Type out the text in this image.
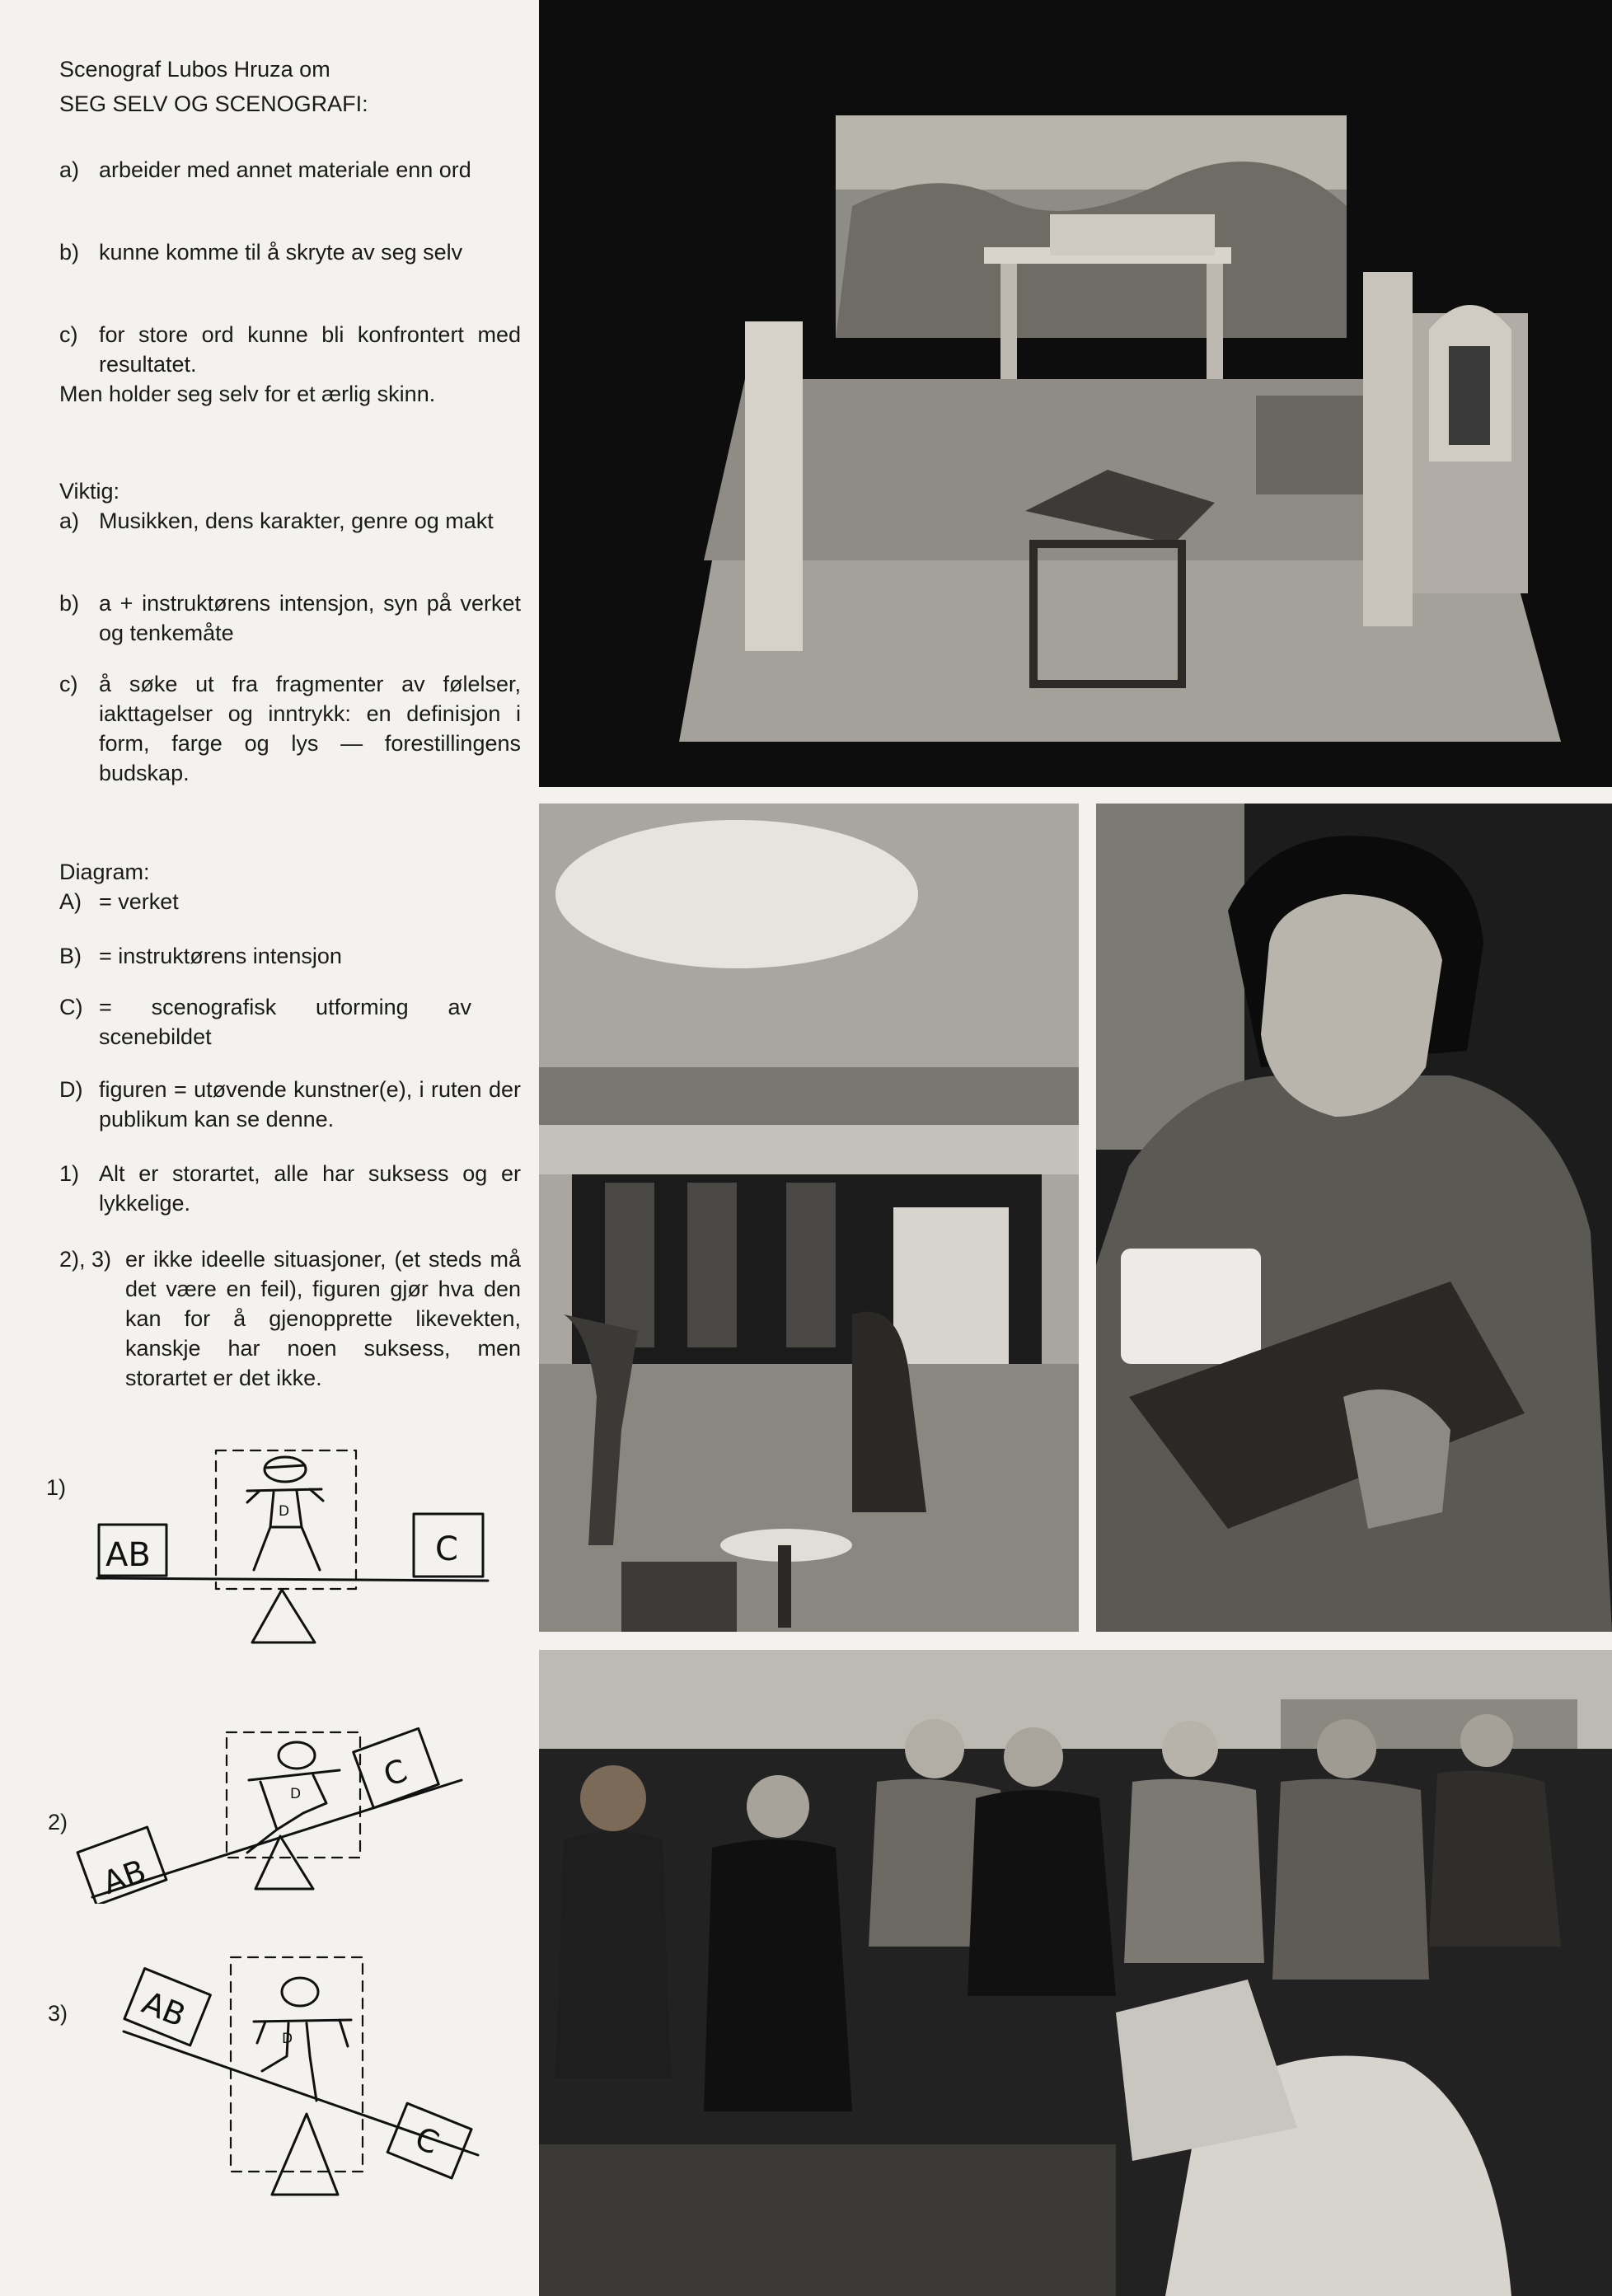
Scenograf Lubos Hruza om
SEG SELV OG SCENOGRAFI:
a) arbeider med annet materiale enn ord
b) kunne komme til å skryte av seg selv
c) for store ord kunne bli konfrontert med resultatet.
Men holder seg selv for et ærlig skinn.
Viktig:
a) Musikken, dens karakter, genre og makt
b) a + instruktørens intensjon, syn på verket og tenkemåte
c) å søke ut fra fragmenter av følelser, iakttagelser og inntrykk: en definisjon i form, farge og lys — forestillingens budskap.
Diagram:
A) = verket
B) = instruktørens intensjon
C) = scenografisk utforming av scenebildet
D) figuren = utøvende kunstner(e), i ruten der publikum kan se denne.
1) Alt er storartet, alle har suksess og er lykkelige.
2), 3) er ikke ideelle situasjoner, (et steds må det være en feil), figuren gjør hva den kan for å gjenopprette likevekten, kanskje har noen suksess, men storartet er det ikke.
1)
2)
3)
AB	C
D
AB
C
D
AB
C
D
